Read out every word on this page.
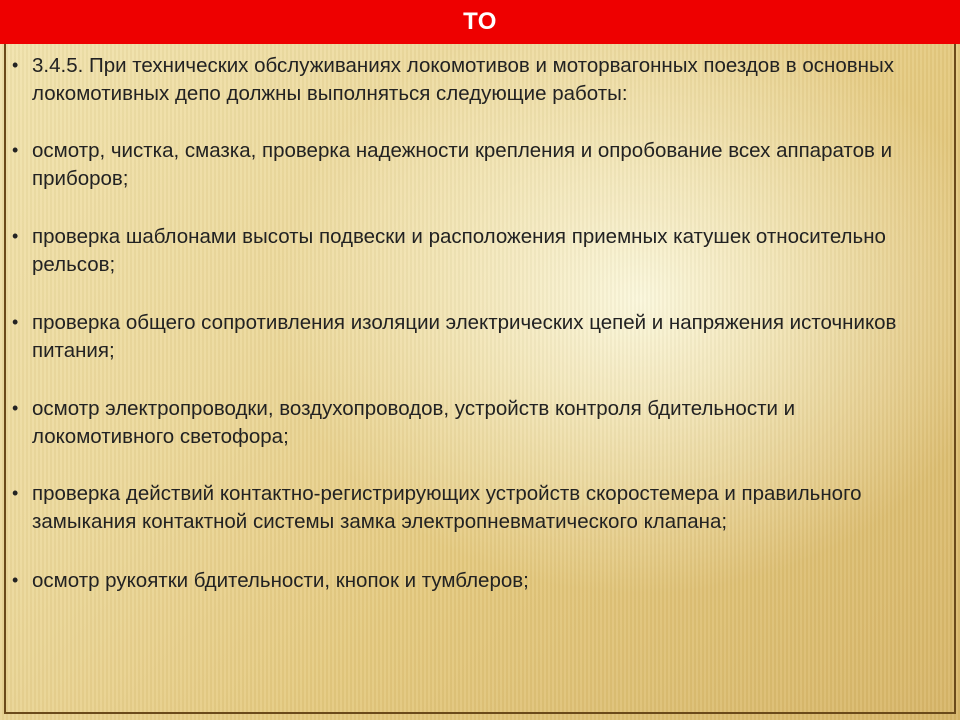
ТО
• 3.4.5. При технических обслуживаниях локомотивов и моторвагонных поездов в основных локомотивных депо должны выполняться следующие работы:
• осмотр, чистка, смазка, проверка надежности крепления и опробование всех аппаратов и приборов;
• проверка шаблонами высоты подвески и расположения приемных катушек относительно рельсов;
• проверка общего сопротивления изоляции электрических цепей и напряжения источников питания;
• осмотр электропроводки, воздухопроводов, устройств контроля бдительности и локомотивного светофора;
• проверка действий контактно-регистрирующих устройств скоростемера и правильного замыкания контактной системы замка электропневматического клапана;
• осмотр рукоятки бдительности, кнопок и тумблеров;
